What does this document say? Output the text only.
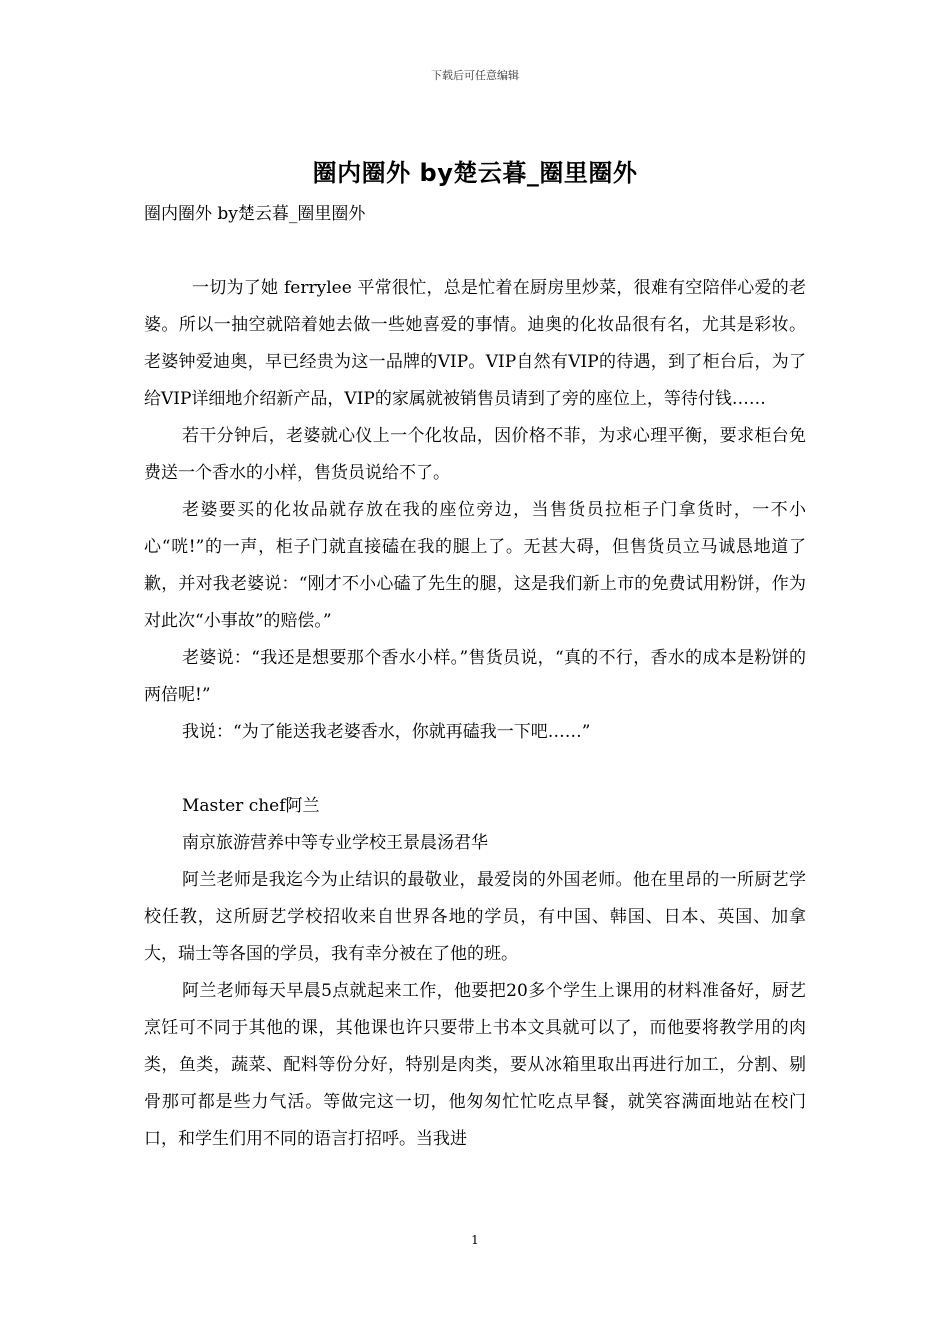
下载后可任意编辑
圈内圈外 by楚云暮_圈里圈外

圈内圈外 by楚云暮_圈里圈外

一切为了她 ferrylee 平常很忙，总是忙着在厨房里炒菜，很难有空陪伴心爱的老婆。所以一抽空就陪着她去做一些她喜爱的事情。迪奥的化妆品很有名，尤其是彩妆。老婆钟爱迪奥，早已经贵为这一品牌的VIP。VIP自然有VIP的待遇，到了柜台后，为了给VIP详细地介绍新产品，VIP的家属就被销售员请到了旁的座位上，等待付钱……

若干分钟后，老婆就心仪上一个化妆品，因价格不菲，为求心理平衡，要求柜台免费送一个香水的小样，售货员说给不了。

老婆要买的化妆品就存放在我的座位旁边，当售货员拉柜子门拿货时，一不小心“咣!”的一声，柜子门就直接磕在我的腿上了。无甚大碍，但售货员立马诚恳地道了歉，并对我老婆说：“刚才不小心磕了先生的腿，这是我们新上市的免费试用粉饼，作为对此次“小事故”的赔偿。”

老婆说：“我还是想要那个香水小样。”售货员说，“真的不行，香水的成本是粉饼的两倍呢!”

我说：“为了能送我老婆香水，你就再磕我一下吧……”

Master chef阿兰

南京旅游营养中等专业学校王景晨汤君华

阿兰老师是我迄今为止结识的最敬业，最爱岗的外国老师。他在里昂的一所厨艺学校任教，这所厨艺学校招收来自世界各地的学员，有中国、韩国、日本、英国、加拿大，瑞士等各国的学员，我有幸分被在了他的班。

阿兰老师每天早晨5点就起来工作，他要把20多个学生上课用的材料准备好，厨艺烹饪可不同于其他的课，其他课也许只要带上书本文具就可以了，而他要将教学用的肉类，鱼类，蔬菜、配料等份分好，特别是肉类，要从冰箱里取出再进行加工，分割、剔骨那可都是些力气活。等做完这一切，他匆匆忙忙吃点早餐，就笑容满面地站在校门口，和学生们用不同的语言打招呼。当我进

1
